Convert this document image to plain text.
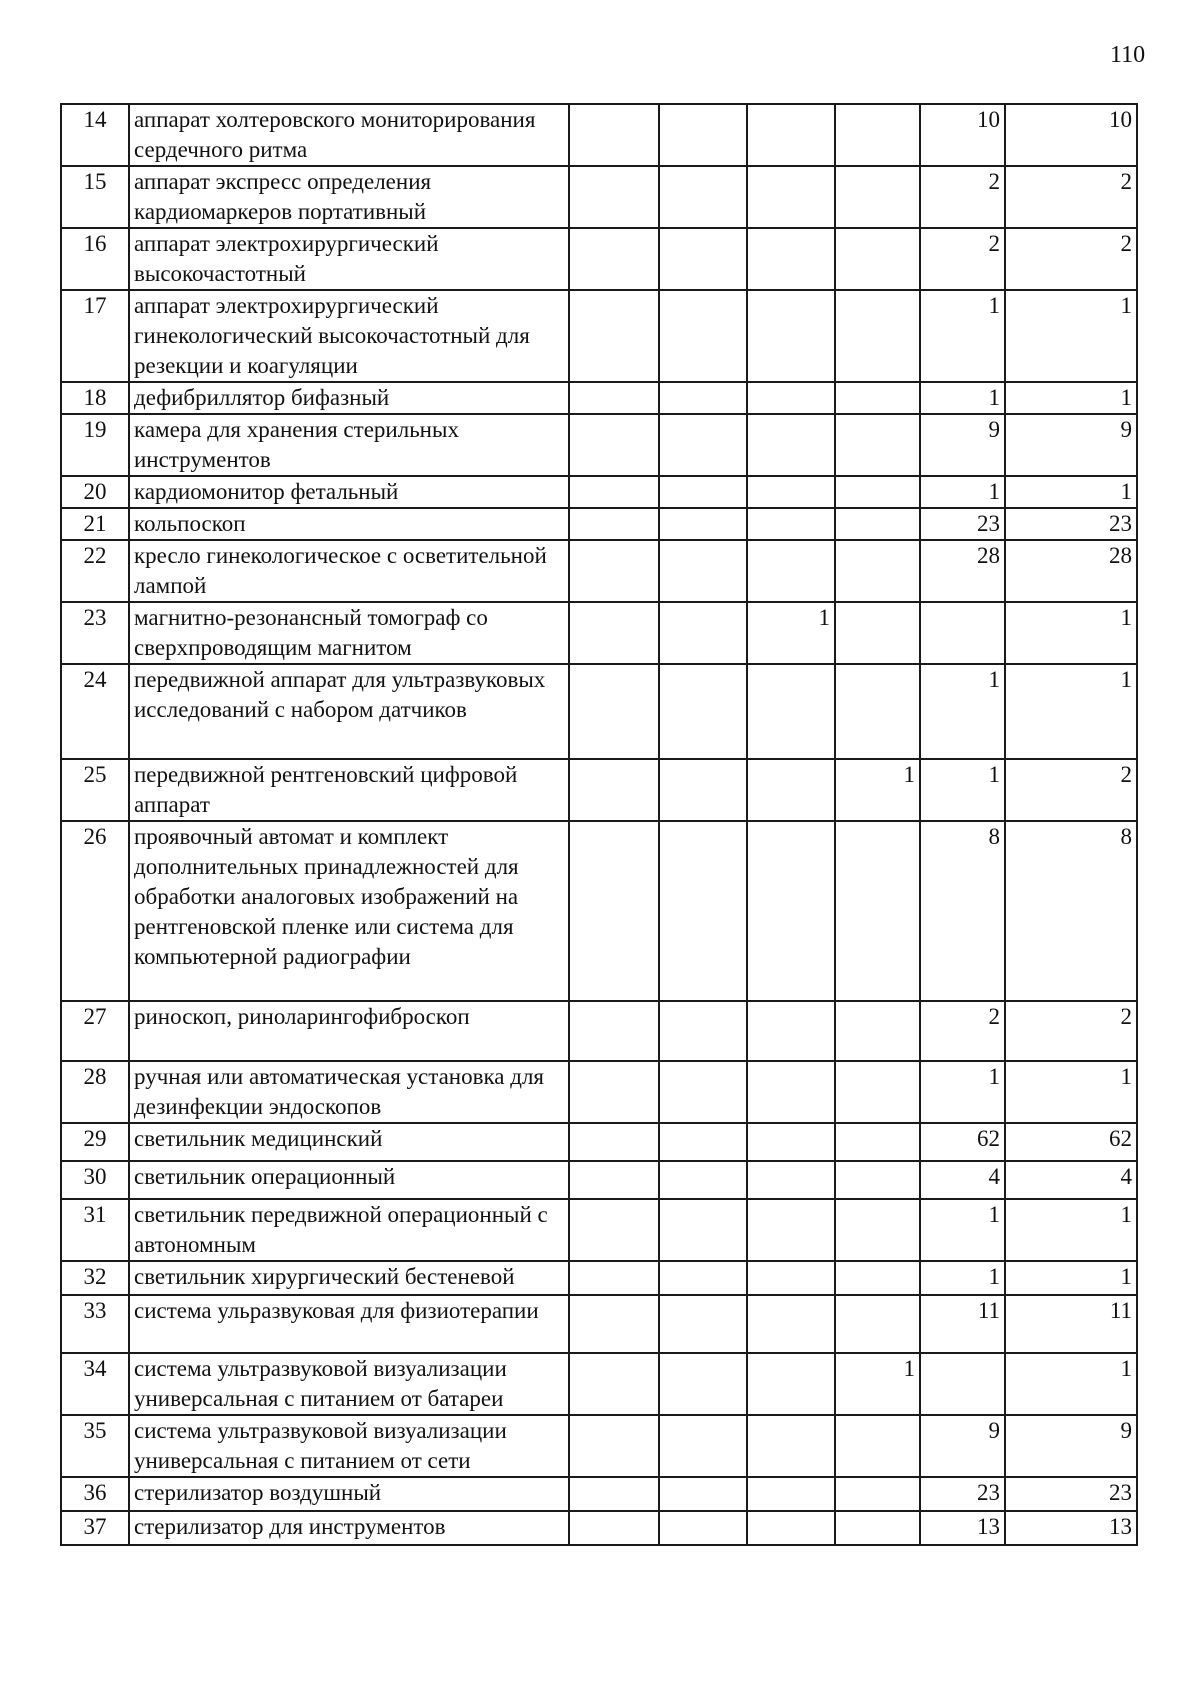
110
14	аппарат холтеровского мониторирования сердечного ритма					10	10
15	аппарат экспресс определения кардиомаркеров портативный					2	2
16	аппарат электрохирургический высокочастотный					2	2
17	аппарат электрохирургический гинекологический высокочастотный для резекции и коагуляции					1	1
18	дефибриллятор бифазный					1	1
19	камера для хранения стерильных инструментов					9	9
20	кардиомонитор фетальный					1	1
21	кольпоскоп					23	23
22	кресло гинекологическое с осветительной лампой					28	28
23	магнитно-резонансный томограф со сверхпроводящим магнитом			1			1
24	передвижной аппарат для ультразвуковых исследований с набором датчиков					1	1
25	передвижной рентгеновский цифровой аппарат				1	1	2
26	проявочный автомат и комплект дополнительных принадлежностей для обработки аналоговых изображений на рентгеновской пленке или система для компьютерной радиографии					8	8
27	риноскоп, риноларингофиброскоп					2	2
28	ручная или автоматическая установка для дезинфекции эндоскопов					1	1
29	светильник медицинский					62	62
30	светильник операционный					4	4
31	светильник передвижной операционный с автономным					1	1
32	светильник хирургический бестеневой					1	1
33	система ульразвуковая для физиотерапии					11	11
34	система ультразвуковой визуализации универсальная с питанием от батареи				1		1
35	система ультразвуковой визуализации универсальная с питанием от сети					9	9
36	стерилизатор воздушный					23	23
37	стерилизатор для инструментов					13	13
